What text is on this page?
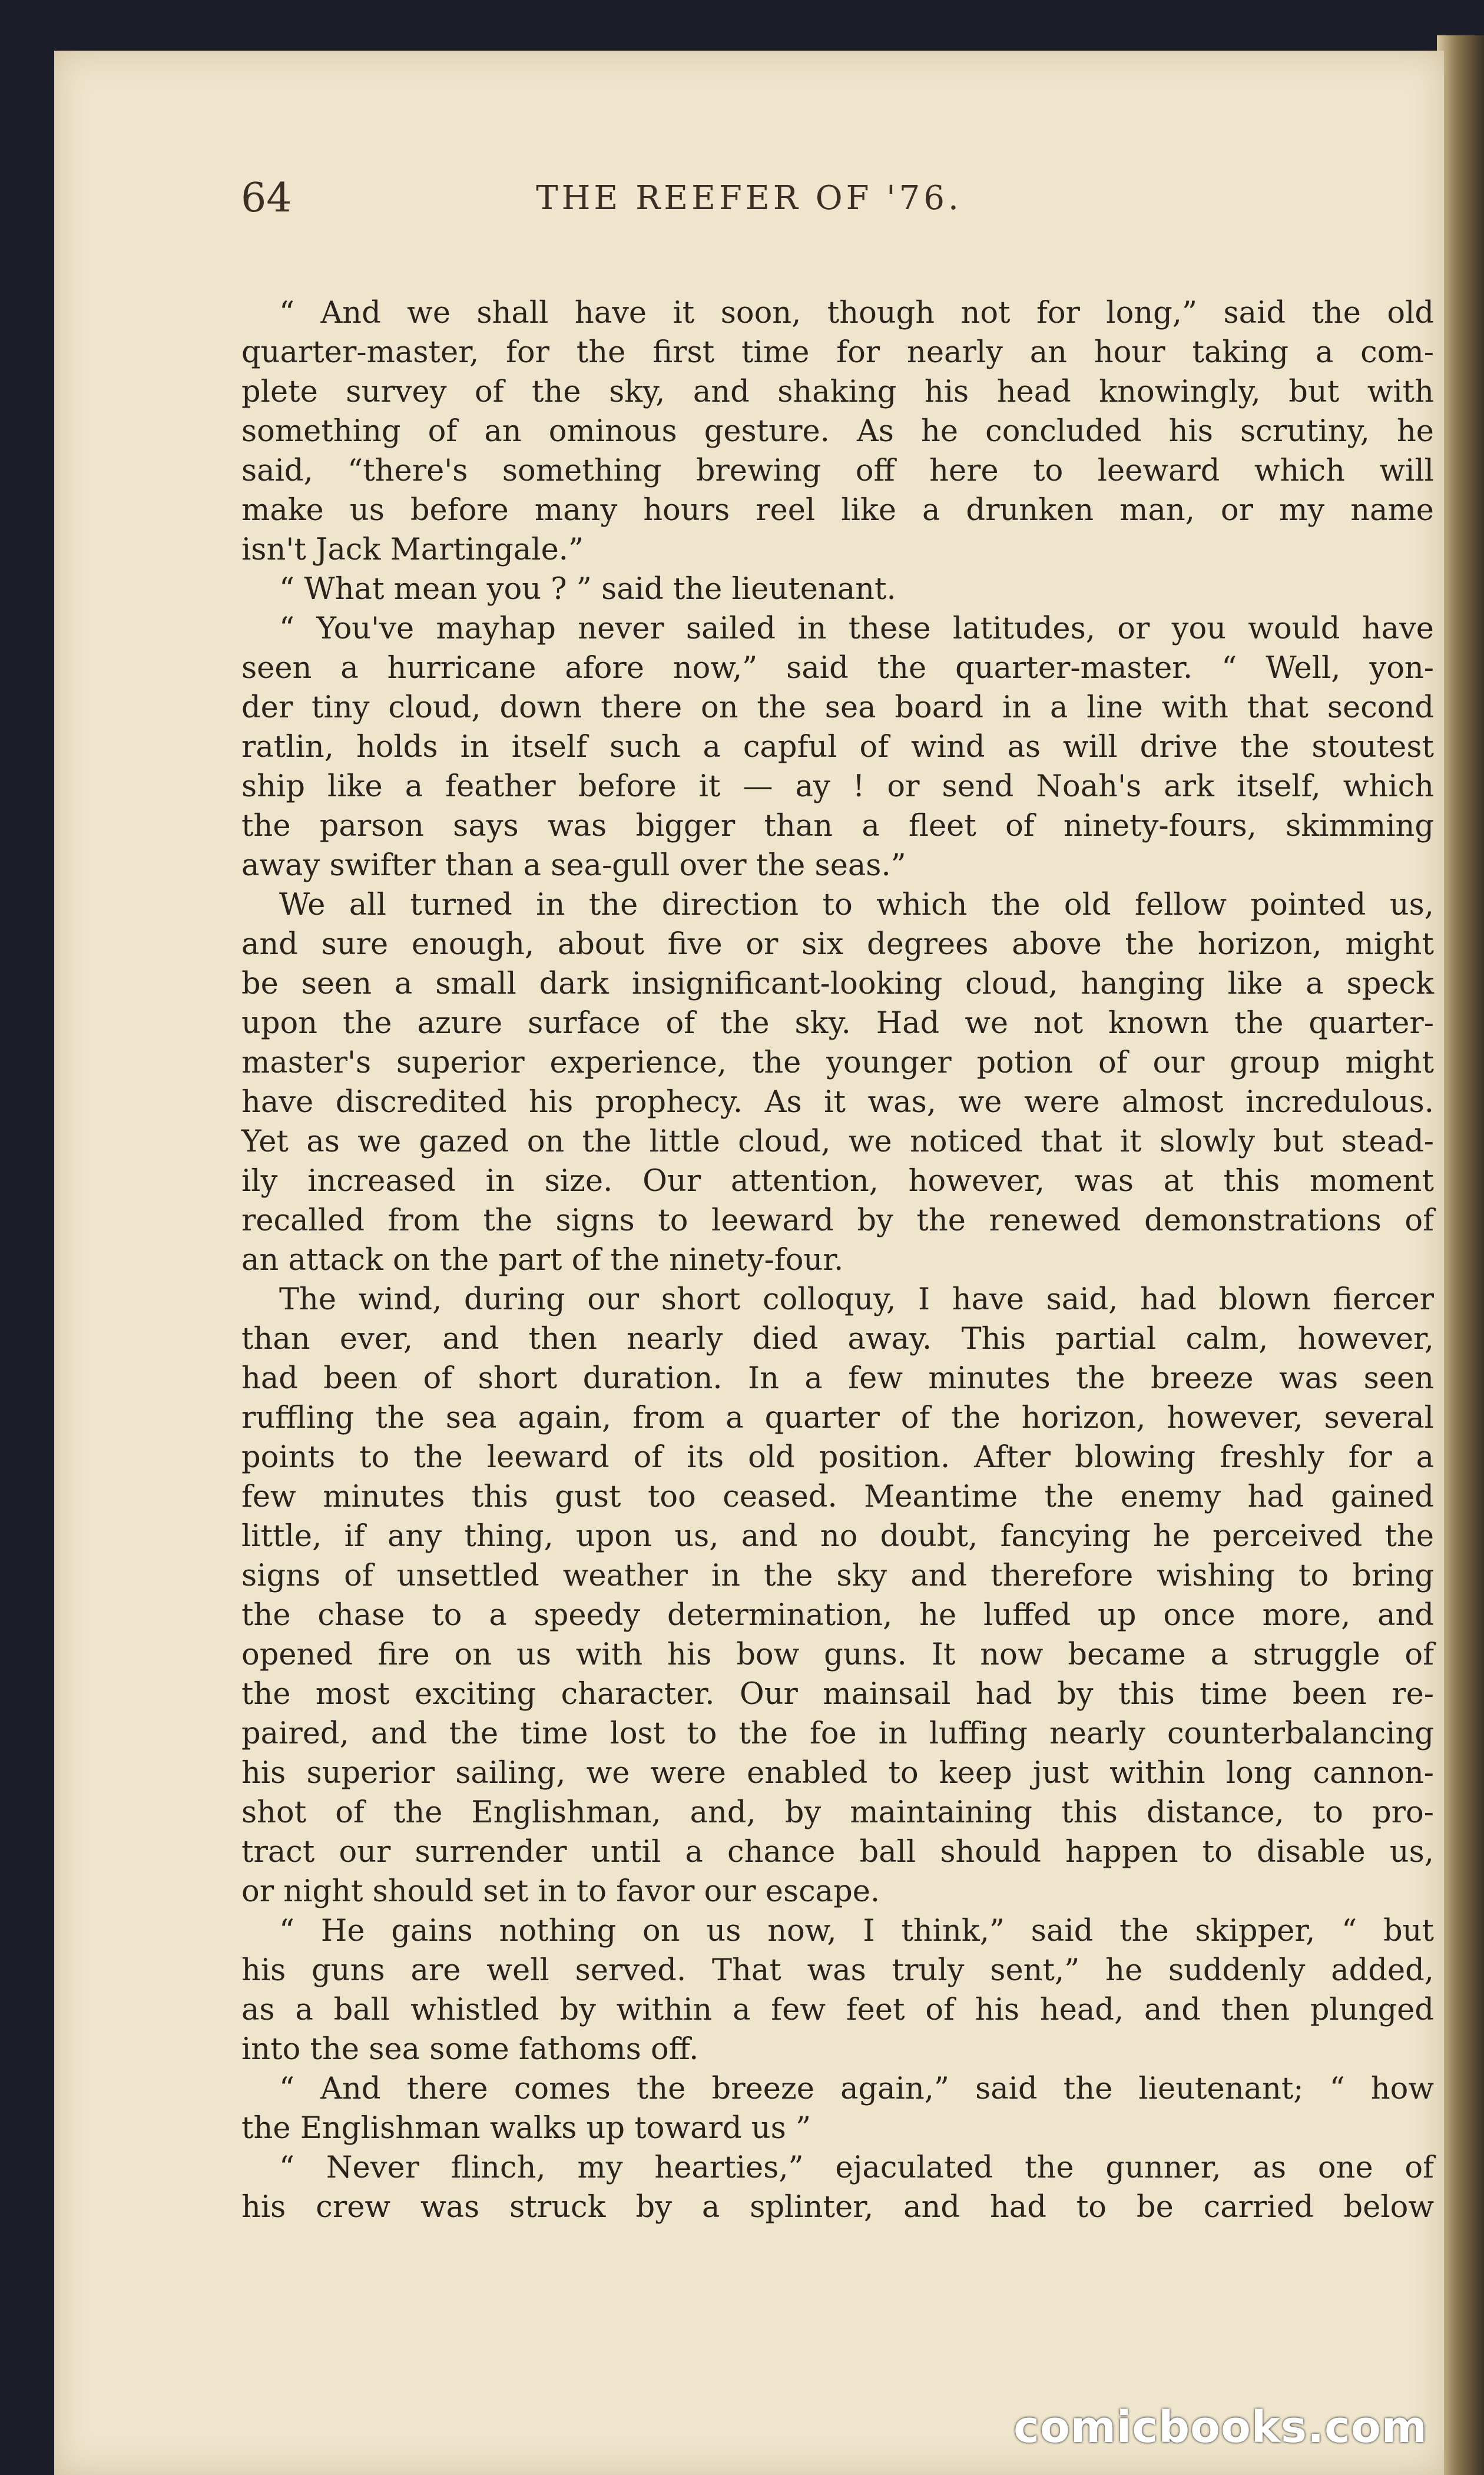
64	THE REEFER OF '76.
“ And we shall have it soon, though not for long,” said the old
quarter-master, for the first time for nearly an hour taking a com-
plete survey of the sky, and shaking his head knowingly, but with
something of an ominous gesture. As he concluded his scrutiny, he
said, “there's something brewing off here to leeward which will
make us before many hours reel like a drunken man, or my name
isn't Jack Martingale.”
“ What mean you ? ” said the lieutenant.
“ You've mayhap never sailed in these latitudes, or you would have
seen a hurricane afore now,” said the quarter-master. “ Well, yon-
der tiny cloud, down there on the sea board in a line with that second
ratlin, holds in itself such a capful of wind as will drive the stoutest
ship like a feather before it — ay ! or send Noah's ark itself, which
the parson says was bigger than a fleet of ninety-fours, skimming
away swifter than a sea-gull over the seas.”
We all turned in the direction to which the old fellow pointed us,
and sure enough, about five or six degrees above the horizon, might
be seen a small dark insignificant-looking cloud, hanging like a speck
upon the azure surface of the sky. Had we not known the quarter-
master's superior experience, the younger potion of our group might
have discredited his prophecy. As it was, we were almost incredulous.
Yet as we gazed on the little cloud, we noticed that it slowly but stead-
ily increased in size. Our attention, however, was at this moment
recalled from the signs to leeward by the renewed demonstrations of
an attack on the part of the ninety-four.
The wind, during our short colloquy, I have said, had blown fiercer
than ever, and then nearly died away. This partial calm, however,
had been of short duration. In a few minutes the breeze was seen
ruffling the sea again, from a quarter of the horizon, however, several
points to the leeward of its old position. After blowing freshly for a
few minutes this gust too ceased. Meantime the enemy had gained
little, if any thing, upon us, and no doubt, fancying he perceived the
signs of unsettled weather in the sky and therefore wishing to bring
the chase to a speedy determination, he luffed up once more, and
opened fire on us with his bow guns. It now became a struggle of
the most exciting character. Our mainsail had by this time been re-
paired, and the time lost to the foe in luffing nearly counterbalancing
his superior sailing, we were enabled to keep just within long cannon-
shot of the Englishman, and, by maintaining this distance, to pro-
tract our surrender until a chance ball should happen to disable us,
or night should set in to favor our escape.
“ He gains nothing on us now, I think,” said the skipper, “ but
his guns are well served. That was truly sent,” he suddenly added,
as a ball whistled by within a few feet of his head, and then plunged
into the sea some fathoms off.
“ And there comes the breeze again,” said the lieutenant; “ how
the Englishman walks up toward us ”
“ Never flinch, my hearties,” ejaculated the gunner, as one of
his crew was struck by a splinter, and had to be carried below
comicbooks.com
